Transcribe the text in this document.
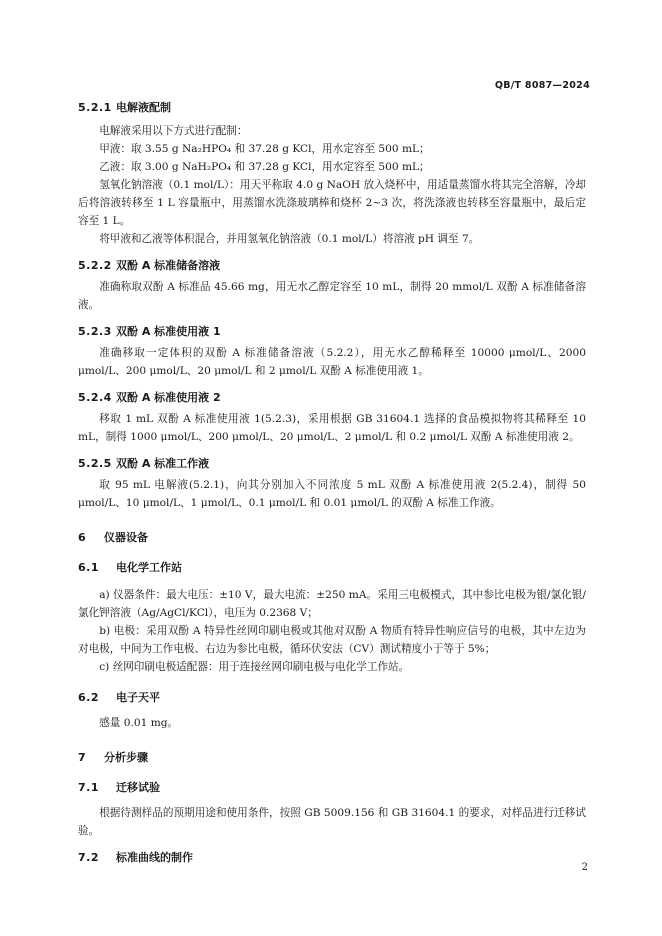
QB/T 8087—2024
5.2.1 电解液配制

电解液采用以下方式进行配制：

甲液：取 3.55 g Na₂HPO₄ 和 37.28 g KCl，用水定容至 500 mL；

乙液：取 3.00 g NaH₂PO₄ 和 37.28 g KCl，用水定容至 500 mL；

氢氧化钠溶液（0.1 mol/L）：用天平称取 4.0 g NaOH 放入烧杯中，用适量蒸馏水将其完全溶解，冷却后将溶液转移至 1 L 容量瓶中，用蒸馏水洗涤玻璃棒和烧杯 2~3 次，将洗涤液也转移至容量瓶中，最后定容至 1 L。

将甲液和乙液等体积混合，并用氢氧化钠溶液（0.1 mol/L）将溶液 pH 调至 7。

5.2.2 双酚 A 标准储备溶液

准确称取双酚 A 标准品 45.66 mg，用无水乙醇定容至 10 mL，制得 20 mmol/L 双酚 A 标准储备溶液。

5.2.3 双酚 A 标准使用液 1

准确移取一定体积的双酚 A 标准储备溶液（5.2.2），用无水乙醇稀释至 10000 μmol/L、2000 μmol/L、200 μmol/L、20 μmol/L 和 2 μmol/L 双酚 A 标准使用液 1。

5.2.4 双酚 A 标准使用液 2

移取 1 mL 双酚 A 标准使用液 1(5.2.3)，采用根据 GB 31604.1 选择的食品模拟物将其稀释至 10 mL，制得 1000 μmol/L、200 μmol/L、20 μmol/L、2 μmol/L 和 0.2 μmol/L 双酚 A 标准使用液 2。

5.2.5 双酚 A 标准工作液

取 95 mL 电解液(5.2.1)，向其分别加入不同浓度 5 mL 双酚 A 标准使用液 2(5.2.4)，制得 50 μmol/L、10 μmol/L、1 μmol/L、0.1 μmol/L 和 0.01 μmol/L 的双酚 A 标准工作液。

6 仪器设备
6.1 电化学工作站

a) 仪器条件：最大电压：±10 V，最大电流：±250 mA。采用三电极模式，其中参比电极为银/氯化银/氯化钾溶液（Ag/AgCl/KCl），电压为 0.2368 V；

b) 电极：采用双酚 A 特异性丝网印刷电极或其他对双酚 A 物质有特异性响应信号的电极，其中左边为对电极，中间为工作电极、右边为参比电极，循环伏安法（CV）测试精度小于等于 5%；

c) 丝网印刷电极适配器：用于连接丝网印刷电极与电化学工作站。

6.2 电子天平

感量 0.01 mg。

7 分析步骤
7.1 迁移试验

根据待测样品的预期用途和使用条件，按照 GB 5009.156 和 GB 31604.1 的要求，对样品进行迁移试验。

7.2 标准曲线的制作
2
